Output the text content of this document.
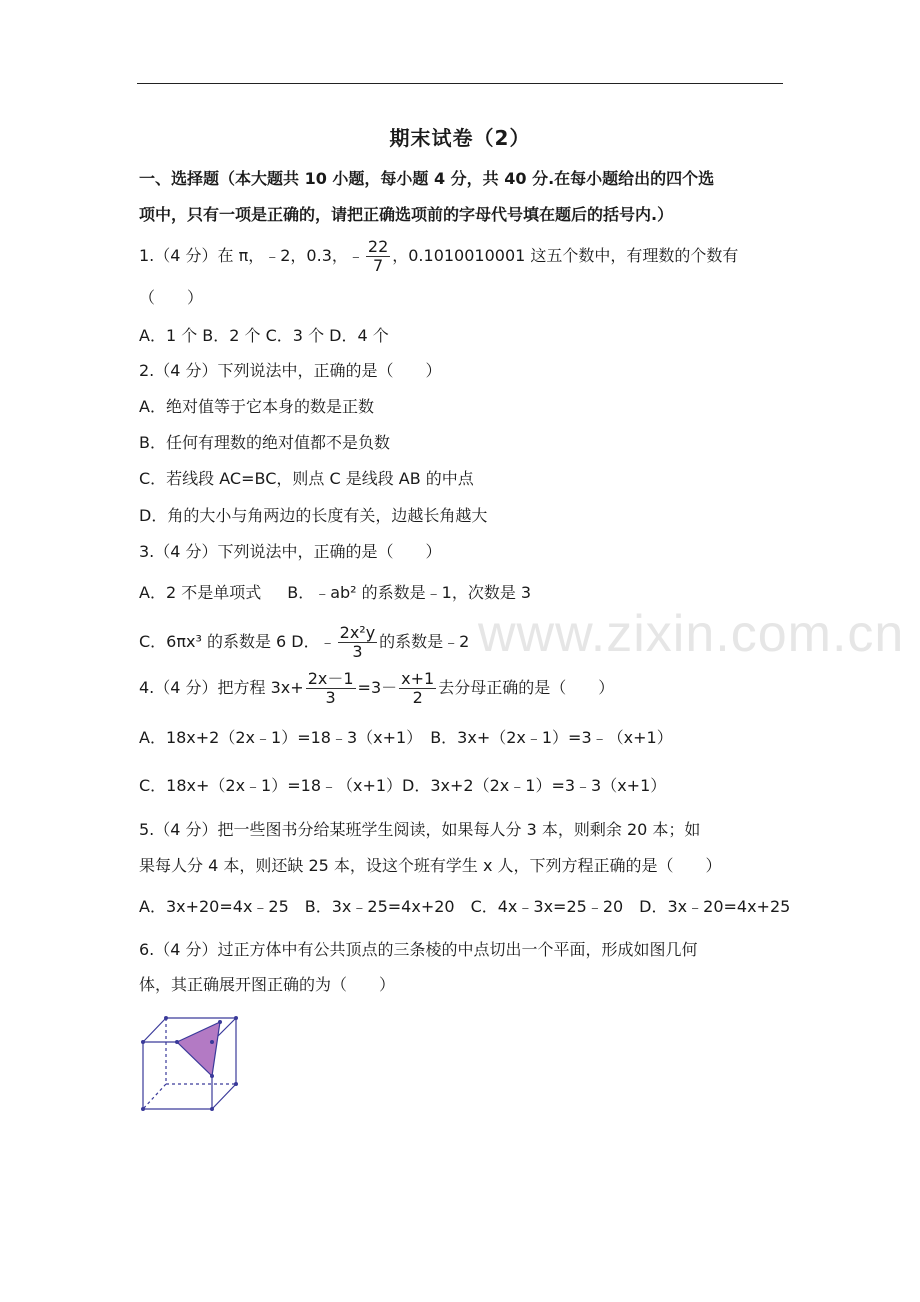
期末试卷（2）
一、选择题（本大题共 10 小题，每小题 4 分，共 40 分.在每小题给出的四个选
项中，只有一项是正确的，请把正确选项前的字母代号填在题后的括号内.）
1.（4 分）在 π，﹣2，0.3，﹣ $\frac{22}{7}$ ，0.1010010001 这五个数中，有理数的个数有
（　　）
A．1 个 B．2 个 C．3 个 D．4 个
2.（4 分）下列说法中，正确的是（　　）
A．绝对值等于它本身的数是正数
B．任何有理数的绝对值都不是负数
C．若线段 AC=BC，则点 C 是线段 AB 的中点
D．角的大小与角两边的长度有关，边越长角越大
3.（4 分）下列说法中，正确的是（　　）
A．2 不是单项式 B．﹣ab² 的系数是﹣1，次数是 3
C．6πx³ 的系数是 6 D．﹣ $\frac{\text{2x²y}}{3}$ 的系数是﹣2
4.（4 分）把方程 $3x+ \frac{2x-1}{3} =3- \frac{x+1}{2}$ 去分母正确的是（　　）
A．18x+2（2x﹣1）=18﹣3（x+1）　B．3x+（2x﹣1）=3﹣（x+1）
C．18x+（2x﹣1）=18﹣（x+1）D．3x+2（2x﹣1）=3﹣3（x+1）
5.（4 分）把一些图书分给某班学生阅读，如果每人分 3 本，则剩余 20 本；如
果每人分 4 本，则还缺 25 本，设这个班有学生 x 人，下列方程正确的是（　　）
A．3x+20=4x﹣25　B．3x﹣25=4x+20　C．4x﹣3x=25﹣20　D．3x﹣20=4x+25
6.（4 分）过正方体中有公共顶点的三条棱的中点切出一个平面，形成如图几何
体，其正确展开图正确的为（　　）
www.zixin.com.cn
